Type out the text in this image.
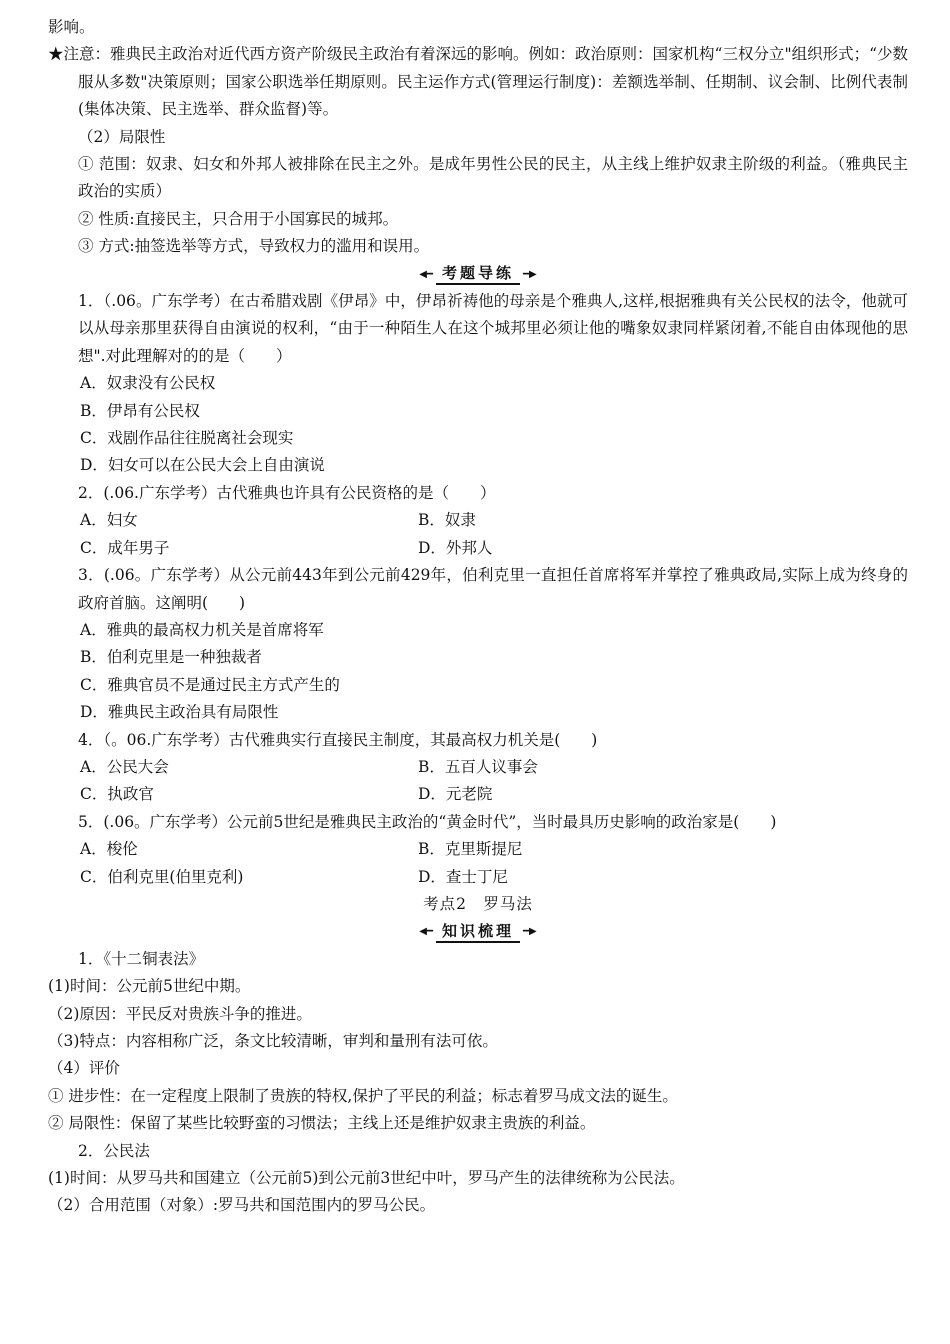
影响。
★注意：雅典民主政治对近代西方资产阶级民主政治有着深远的影响。例如：政治原则：国家机构“三权分立"组织形式；“少数服从多数"决策原则；国家公职选举任期原则。民主运作方式(管理运行制度)：差额选举制、任期制、议会制、比例代表制(集体决策、民主选举、群众监督)等。
（2）局限性
① 范围：奴隶、妇女和外邦人被排除在民主之外。是成年男性公民的民主，从主线上维护奴隶主阶级的利益。（雅典民主政治的实质）
② 性质:直接民主，只合用于小国寡民的城邦。
③ 方式:抽签选举等方式，导致权力的滥用和误用。
◀━ 考题导练 ━▶
1．（.06。广东学考）在古希腊戏剧《伊昂》中，伊昂祈祷他的母亲是个雅典人,这样,根据雅典有关公民权的法令，他就可以从母亲那里获得自由演说的权利，“由于一种陌生人在这个城邦里必须让他的嘴象奴隶同样紧闭着,不能自由体现他的思想".对此理解对的的是（　　）
A．奴隶没有公民权
B．伊昂有公民权
C．戏剧作品往往脱离社会现实
D．妇女可以在公民大会上自由演说
2．(.06.广东学考）古代雅典也许具有公民资格的是（　　）
A．妇女	B．奴隶
C．成年男子	D．外邦人
3．(.06。广东学考）从公元前443年到公元前429年，伯利克里一直担任首席将军并掌控了雅典政局,实际上成为终身的政府首脑。这阐明(　　)
A．雅典的最高权力机关是首席将军
B．伯利克里是一种独裁者
C．雅典官员不是通过民主方式产生的
D．雅典民主政治具有局限性
4．（。06.广东学考）古代雅典实行直接民主制度，其最高权力机关是(　　)
A．公民大会	B．五百人议事会
C．执政官	D．元老院
5．(.06。广东学考）公元前5世纪是雅典民主政治的“黄金时代”，当时最具历史影响的政治家是(　　)
A．梭伦	B．克里斯提尼
C．伯利克里(伯里克利)	D．查士丁尼
考点2　罗马法
◀━ 知识梳理 ━▶
1．《十二铜表法》
(1)时间：公元前5世纪中期。
（2)原因：平民反对贵族斗争的推进。
（3)特点：内容相称广泛，条文比较清晰，审判和量刑有法可依。
（4）评价
① 进步性：在一定程度上限制了贵族的特权,保护了平民的利益；标志着罗马成文法的诞生。
② 局限性：保留了某些比较野蛮的习惯法；主线上还是维护奴隶主贵族的利益。
2．公民法
(1)时间：从罗马共和国建立（公元前5)到公元前3世纪中叶，罗马产生的法律统称为公民法。
（2）合用范围（对象）:罗马共和国范围内的罗马公民。
